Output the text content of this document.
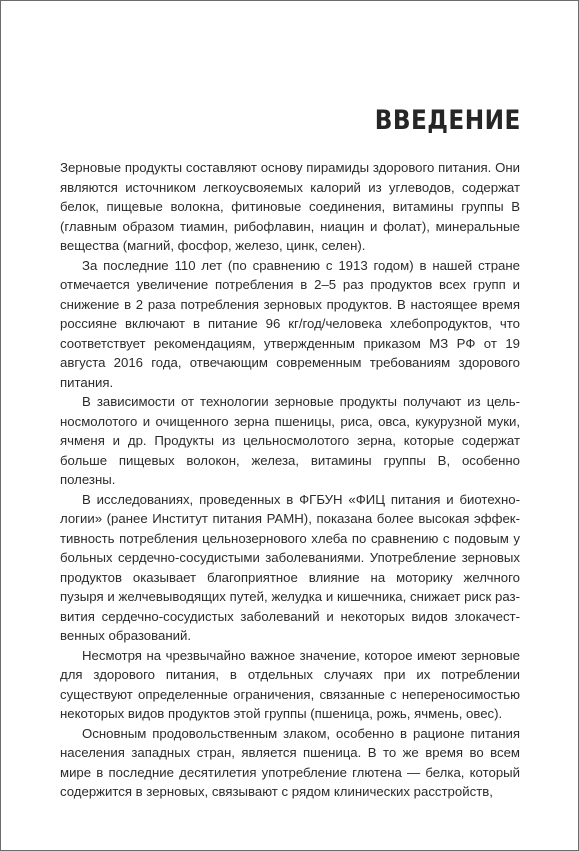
ВВЕДЕНИЕ

Зерновые продукты составляют основу пирамиды здорового питания. Они являются источником легкоусвояемых калорий из углеводов, содержат белок, пищевые волокна, фитиновые соединения, витамины группы В (главным образом тиамин, рибофлавин, ниацин и фолат), минеральные вещества (магний, фосфор, железо, цинк, селен).

За последние 110 лет (по сравнению с 1913 годом) в нашей стране отмечается увеличение потребления в 2–5 раз продуктов всех групп и снижение в 2 раза потребления зерновых продуктов. В настоящее время россияне включают в питание 96 кг/год/человека хлебопродуктов, что соответствует рекомендациям, утвержденным приказом МЗ РФ от 19 августа 2016 года, отвечающим современным требованиям здорового питания.

В зависимости от технологии зерновые продукты получают из цельносмолотого и очищенного зерна пшеницы, риса, овса, кукурузной муки, ячменя и др. Продукты из цельносмолотого зерна, которые содержат больше пищевых волокон, железа, витамины группы В, особенно полезны.

В исследованиях, проведенных в ФГБУН «ФИЦ питания и биотехнологии» (ранее Институт питания РАМН), показана более высокая эффективность потребления цельнозернового хлеба по сравнению с подовым у больных сердечно-сосудистыми заболеваниями. Употребление зерновых продуктов оказывает благоприятное влияние на моторику желчного пузыря и желчевыводящих путей, желудка и кишечника, снижает риск развития сердечно-сосудистых заболеваний и некоторых видов злокачественных образований.

Несмотря на чрезвычайно важное значение, которое имеют зерновые для здорового питания, в отдельных случаях при их потреблении существуют определенные ограничения, связанные с непереносимостью некоторых видов продуктов этой группы (пшеница, рожь, ячмень, овес).

Основным продовольственным злаком, особенно в рационе питания населения западных стран, является пшеница. В то же время во всем мире в последние десятилетия употребление глютена — белка, который содержится в зерновых, связывают с рядом клинических расстройств,
